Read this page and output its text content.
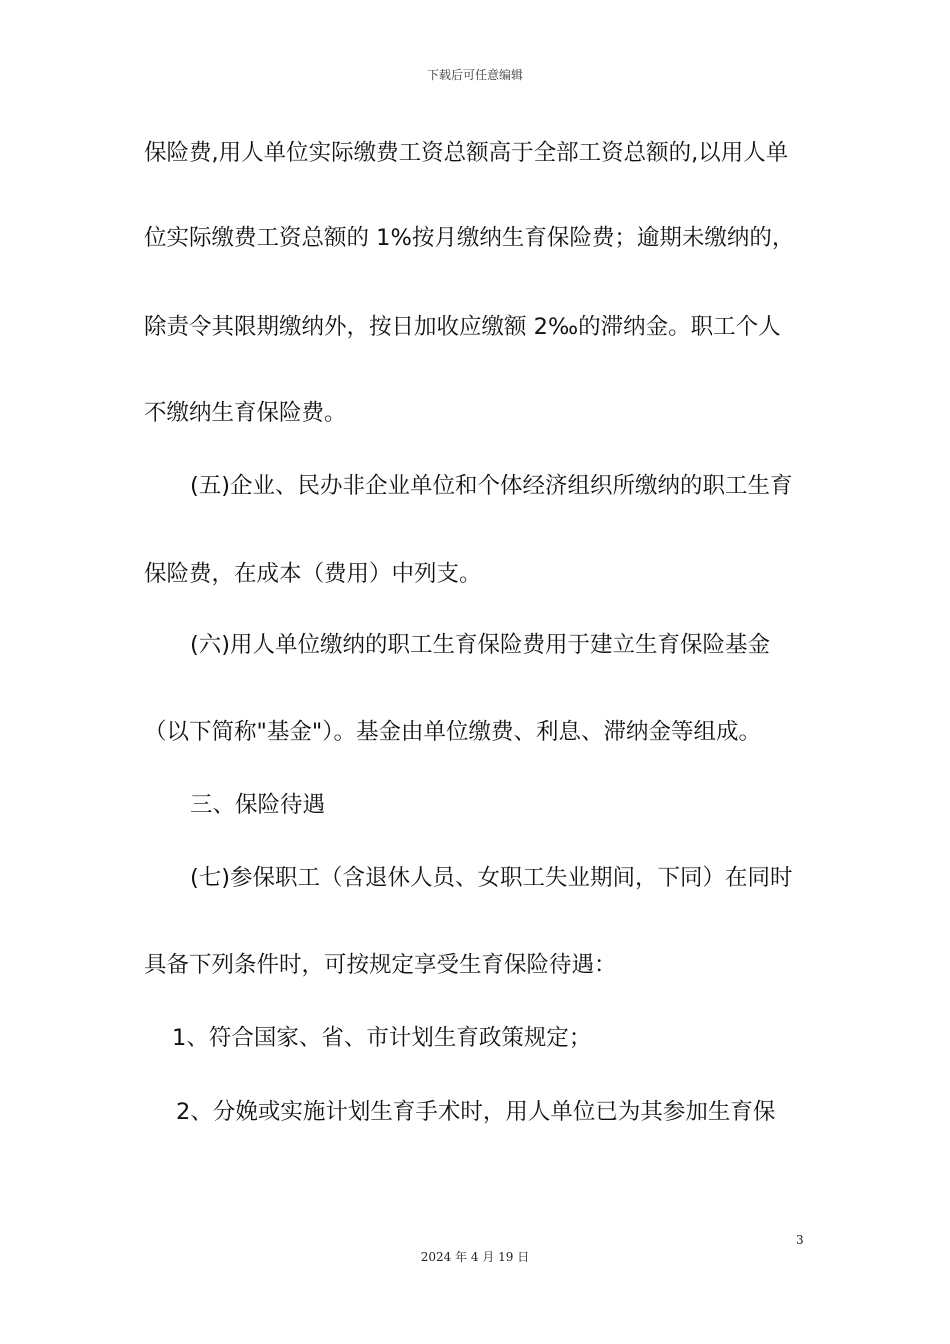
下载后可任意编辑
保险费,用人单位实际缴费工资总额高于全部工资总额的,以用人单
位实际缴费工资总额的 1%按月缴纳生育保险费；逾期未缴纳的，
除责令其限期缴纳外，按日加收应缴额 2‰的滞纳金。职工个人
不缴纳生育保险费。
(五)企业、民办非企业单位和个体经济组织所缴纳的职工生育
保险费，在成本（费用）中列支。
(六)用人单位缴纳的职工生育保险费用于建立生育保险基金
（以下简称"基金"）。基金由单位缴费、利息、滞纳金等组成。
三、保险待遇
(七)参保职工（含退休人员、女职工失业期间，下同）在同时
具备下列条件时，可按规定享受生育保险待遇：
1、符合国家、省、市计划生育政策规定；
2、分娩或实施计划生育手术时，用人单位已为其参加生育保
3
2024 年 4 月 19 日
